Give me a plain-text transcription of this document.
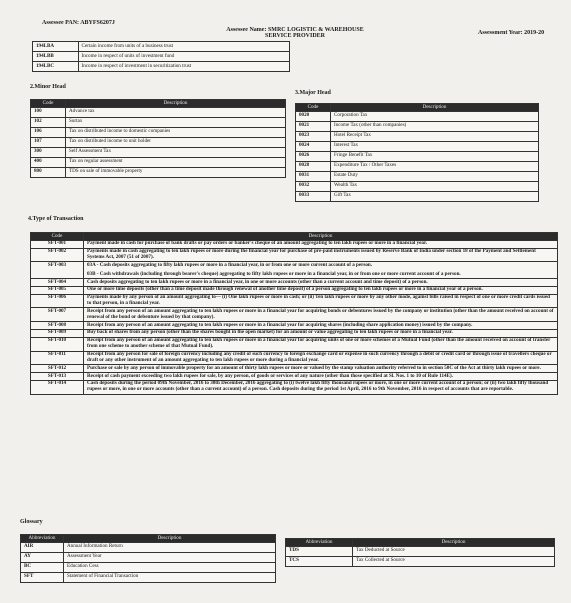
Assessee PAN: ABYFS6207J
Assessee Name: SMRC LOGISTIC & WAREHOUSE
SERVICE PROVIDER	Assessment Year: 2019-20
194LBA	Certain income from units of a business trust
194LBB	Income in respect of units of investment fund
194LBC	Income in respect of investment in securitization trust
2.Minor Head
Code	Description
100	Advance tax
102	Surtax
106	Tax on distributed income to domestic companies
107	Tax on distributed income to unit holder
300	Self Assessment Tax
400	Tax on regular assessment
800	TDS on sale of immovable property
3.Major Head
Code	Description
0020	Corporation Tax
0021	Income Tax (other than companies)
0023	Hotel Receipt Tax
0024	Interest Tax
0026	Fringe Benefit Tax
0028	Expenditure Tax / Other Taxes
0031	Estate Duty
0032	Wealth Tax
0033	Gift Tax
4.Type of Transaction
Code	Description
SFT-001	Payment made in cash for purchase of bank drafts or pay orders or banker's cheque of an amount aggregating to ten lakh rupees or more in a financial year.

SFT-002	Payments made in cash aggregating to ten lakh rupees or more during the financial year for purchase of pre-paid instruments issued by Reserve Bank of India under section 18 of the Payment and Settlement Systems Act, 2007 (51 of 2007).

SFT-003	03A - Cash deposits aggregating to fifty lakh rupees or more in a financial year, in or from one or more current account of a person.
03B - Cash withdrawals (including through bearer's cheque) aggregating to fifty lakh rupees or more in a financial year, in or from one or more current account of a person.

SFT-004	Cash deposits aggregating to ten lakh rupees or more in a financial year, in one or more accounts (other than a current account and time deposit) of a person.

SFT-005	One or more time deposits (other than a time deposit made through renewal of another time deposit) of a person aggregating to ten lakh rupees or more in a financial year of a person.

SFT-006	Payments made by any person of an amount aggregating to— (i) One lakh rupees or more in cash; or (ii) Ten lakh rupees or more by any other mode, against bills raised in respect of one or more credit cards issued to that person, in a financial year.

SFT-007	Receipt from any person of an amount aggregating to ten lakh rupees or more in a financial year for acquiring bonds or debentures issued by the company or institution (other than the amount received on account of renewal of the bond or debenture issued by that company).

SFT-008	Receipt from any person of an amount aggregating to ten lakh rupees or more in a financial year for acquiring shares (including share application money) issued by the company.

SFT-009	Buy back of shares from any person (other than the shares bought in the open market) for an amount or value aggregating to ten lakh rupees or more in a financial year.

SFT-010	Receipt from any person of an amount aggregating to ten lakh rupees or more in a financial year for acquiring units of one or more schemes of a Mutual Fund (other than the amount received on account of transfer from one scheme to another scheme of that Mutual Fund).

SFT-011	Receipt from any person for sale of foreign currency including any credit of such currency to foreign exchange card or expense in such currency through a debit or credit card or through issue of travellers cheque or draft or any other instrument of an amount aggregating to ten lakh rupees or more during a financial year.

SFT-012	Purchase or sale by any person of immovable property for an amount of thirty lakh rupees or more or valued by the stamp valuation authority referred to in section 50C of the Act at thirty lakh rupees or more.

SFT-013	Receipt of cash payment exceeding two lakh rupees for sale, by any person, of goods or services of any nature (other than those specified at Sl. Nos. 1 to 10 of Rule 114E).

SFT-014	Cash deposits during the period 09th November, 2016 to 30th December, 2016 aggregating to (i) twelve lakh fifty thousand rupees or more, in one or more current account of a person; or (ii) two lakh fifty thousand rupees or more, in one or more accounts (other than a current account) of a person. Cash deposits during the period 1st April, 2016 to 9th November, 2016 in respect of accounts that are reportable.
Glossary
Abbreviation	Description
AIR	Annual Information Return
AY	Assessment Year
BC	Education Cess
SFT	Statement of Financial Transaction
Abbreviation	Description
TDS	Tax Deducted at Source
TCS	Tax Collected at Source
